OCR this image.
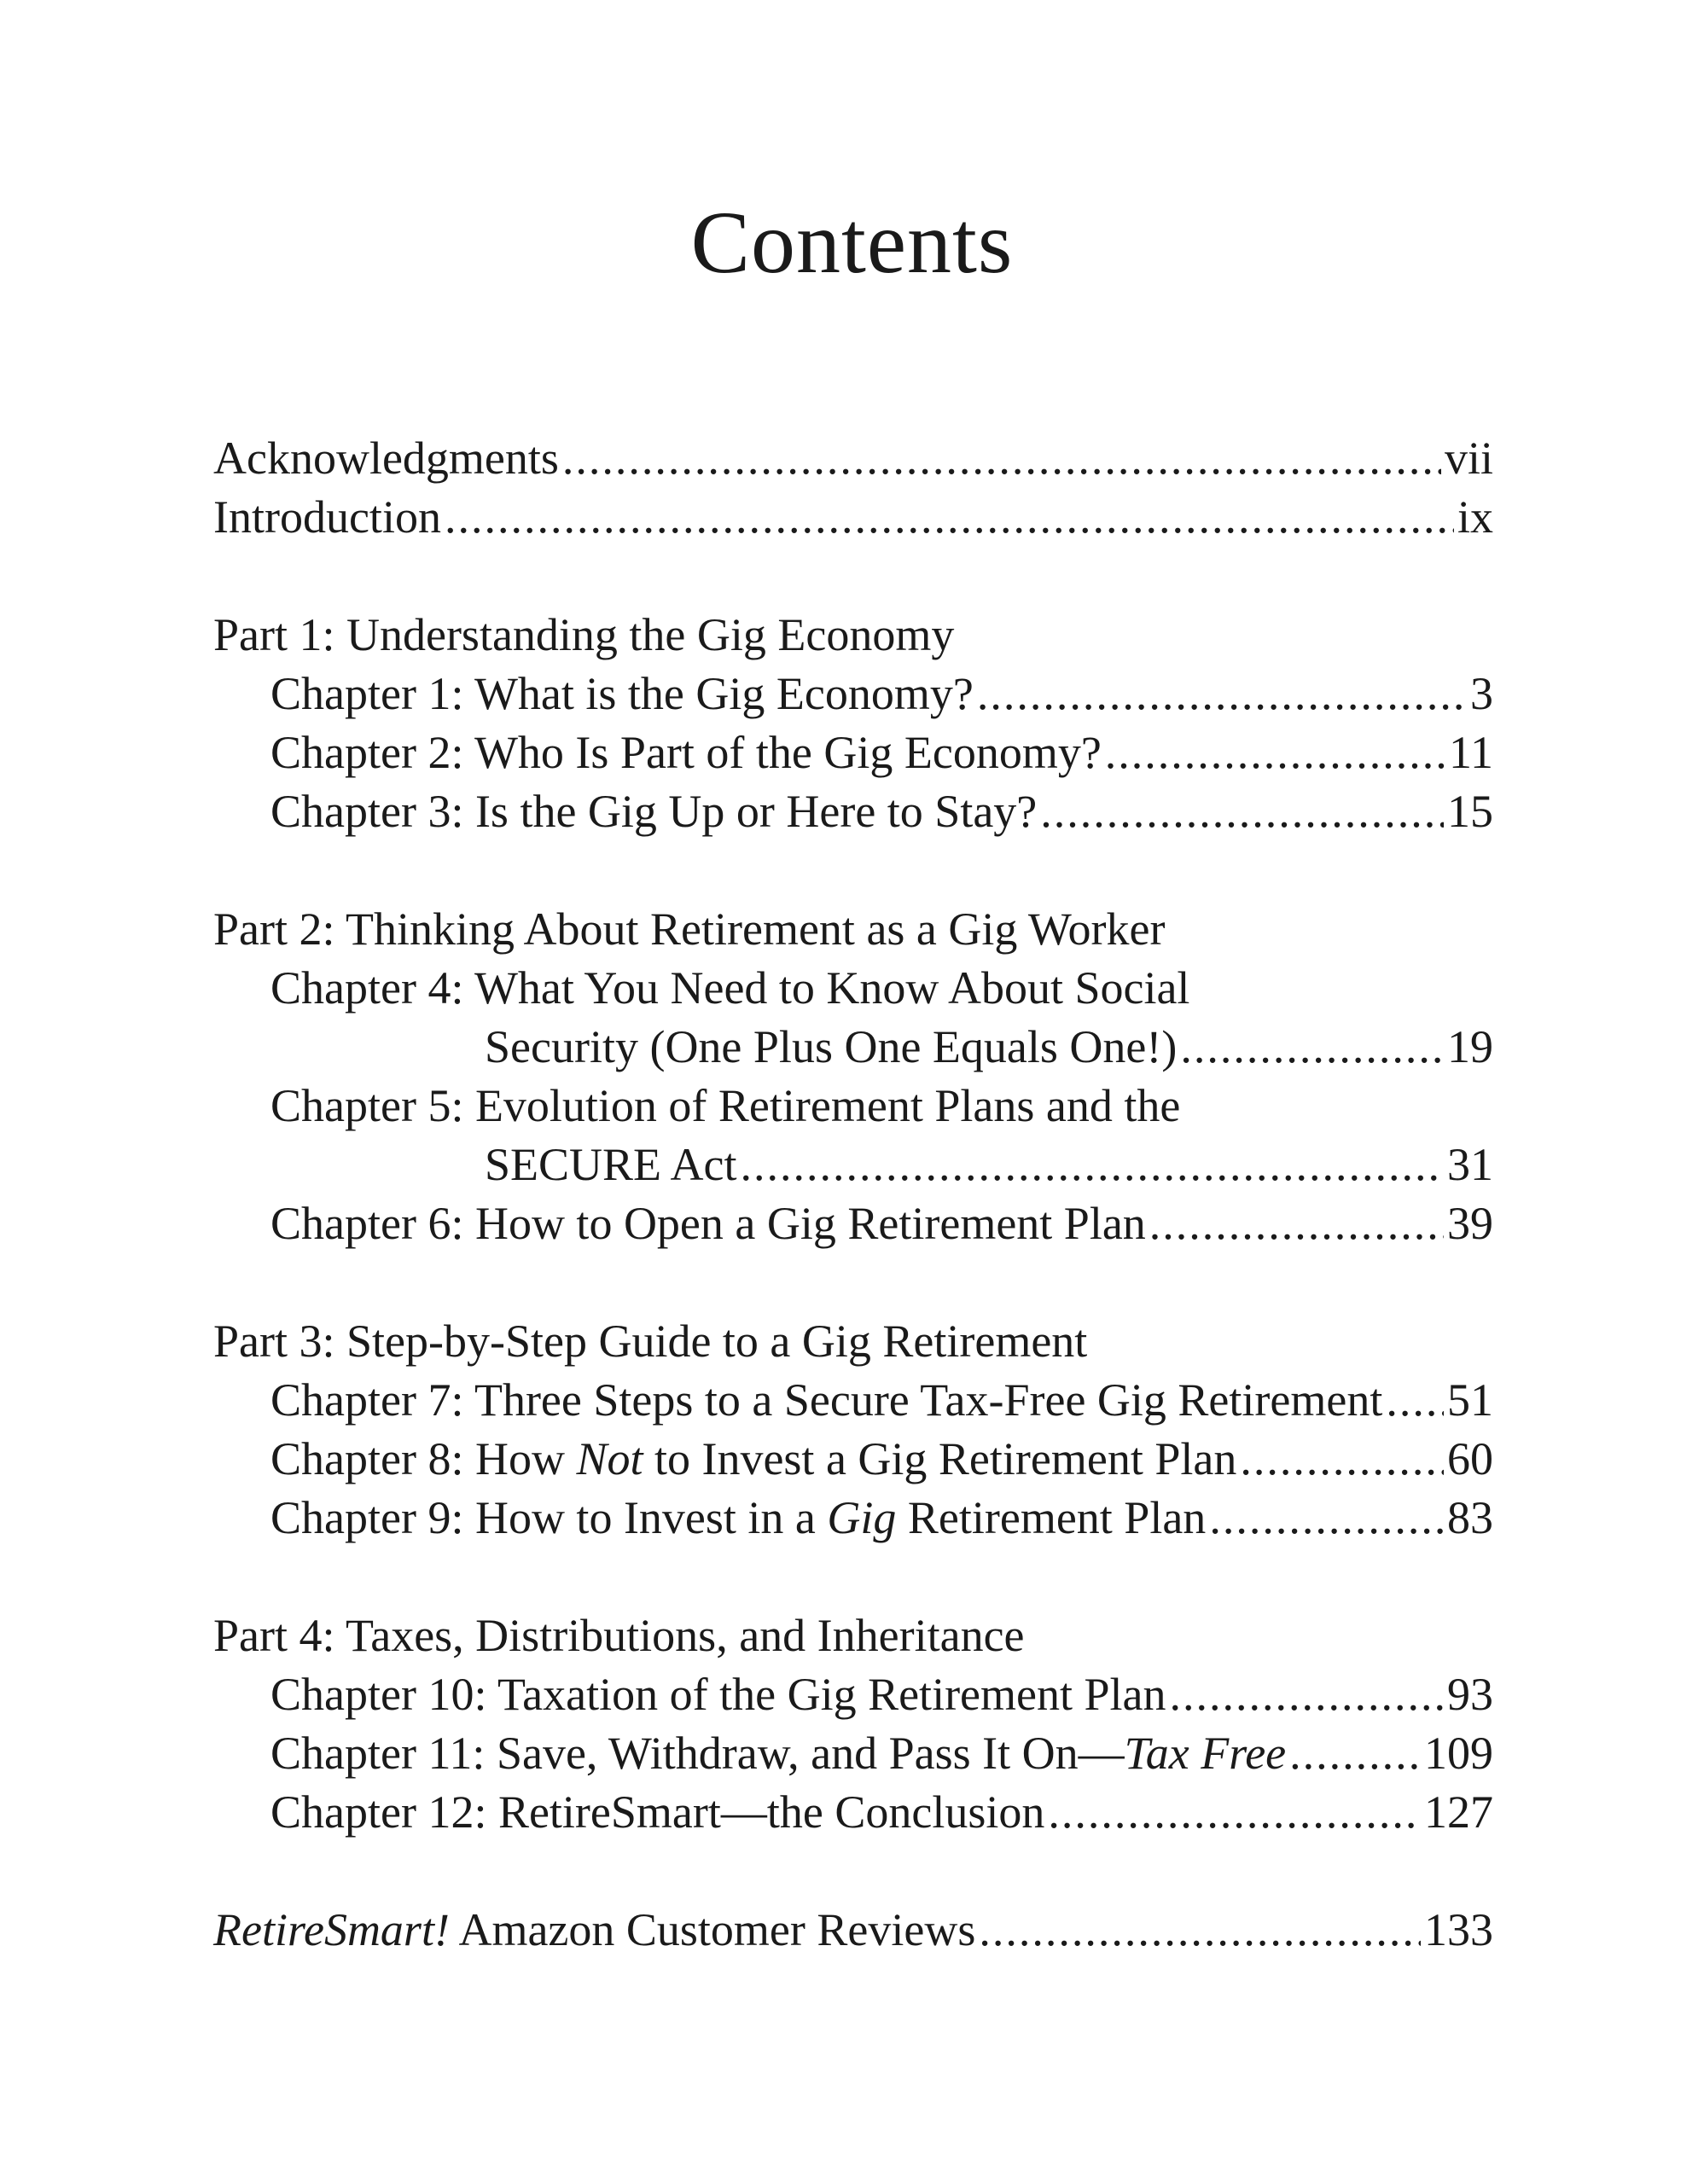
Contents
Acknowledgments .....	vii
Introduction .....	ix
Part 1: Understanding the Gig Economy
Chapter 1: What is the Gig Economy? .....	3
Chapter 2: Who Is Part of the Gig Economy? .....	11
Chapter 3: Is the Gig Up or Here to Stay? .....	15
Part 2: Thinking About Retirement as a Gig Worker
Chapter 4: What You Need to Know About Social
Security (One Plus One Equals One!) .....	19
Chapter 5: Evolution of Retirement Plans and the
SECURE Act .....	31
Chapter 6: How to Open a Gig Retirement Plan .....	39
Part 3: Step-by-Step Guide to a Gig Retirement
Chapter 7: Three Steps to a Secure Tax-Free Gig Retirement ..... 51
Chapter 8: How Not to Invest a Gig Retirement Plan .....	60
Chapter 9: How to Invest in a Gig Retirement Plan .....	83
Part 4: Taxes, Distributions, and Inheritance
Chapter 10: Taxation of the Gig Retirement Plan .....	93
Chapter 11: Save, Withdraw, and Pass It On—Tax Free .....	109
Chapter 12: RetireSmart—the Conclusion .....	127
RetireSmart! Amazon Customer Reviews .....	133
